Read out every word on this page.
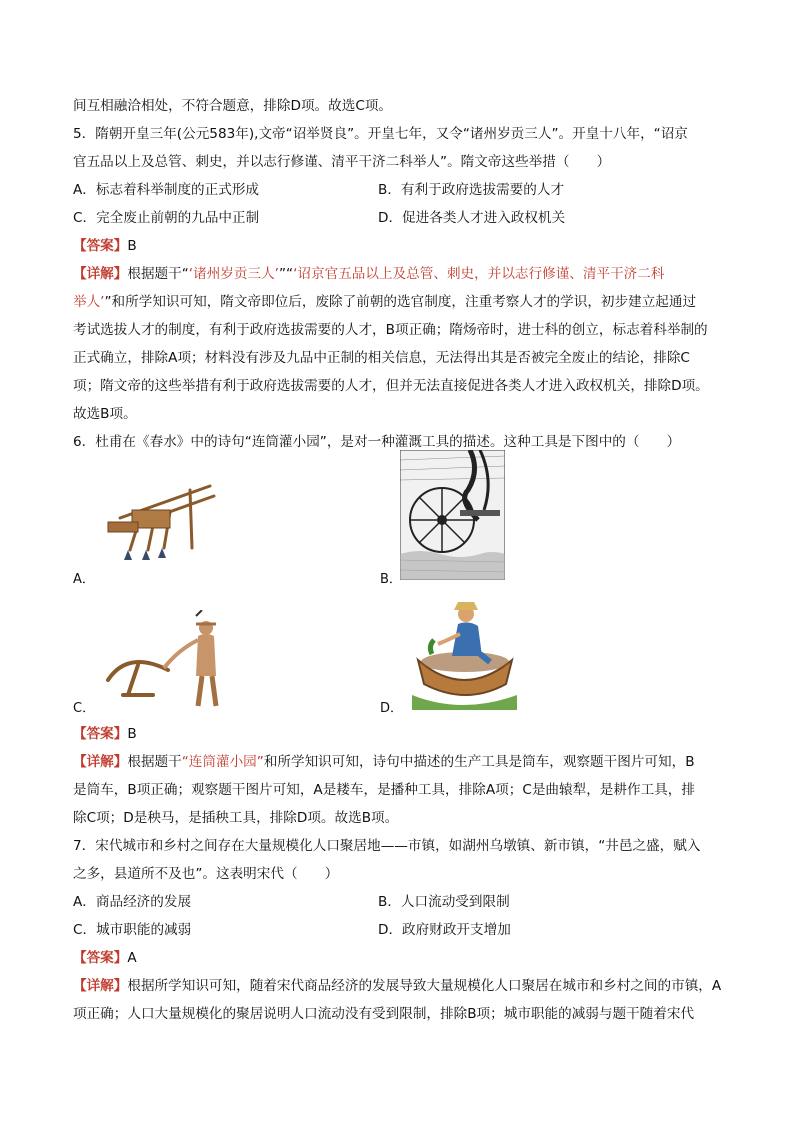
间互相融洽相处，不符合题意，排除D项。故选C项。
5．隋朝开皇三年(公元583年),文帝“诏举贤良”。开皇七年，又令“诸州岁贡三人”。开皇十八年，“诏京
官五品以上及总管、刺史，并以志行修谨、清平干济二科举人”。隋文帝这些举措（　　）
A．标志着科举制度的正式形成	B．有利于政府选拔需要的人才
C．完全废止前朝的九品中正制	D．促进各类人才进入政权机关
【答案】B
【详解】根据题干“‘诸州岁贡三人’”“‘诏京官五品以上及总管、刺史，并以志行修谨、清平干济二科
举人’”和所学知识可知，隋文帝即位后，废除了前朝的选官制度，注重考察人才的学识，初步建立起通过
考试选拔人才的制度，有利于政府选拔需要的人才，B项正确；隋炀帝时，进士科的创立，标志着科举制的
正式确立，排除A项；材料没有涉及九品中正制的相关信息，无法得出其是否被完全废止的结论，排除C
项；隋文帝的这些举措有利于政府选拔需要的人才，但并无法直接促进各类人才进入政权机关，排除D项。
故选B项。
6．杜甫在《春水》中的诗句“连筒灌小园”，是对一种灌溉工具的描述。这种工具是下图中的（　　）
A．	B．
C．	D．
【答案】B
【详解】根据题干“连筒灌小园”和所学知识可知，诗句中描述的生产工具是筒车，观察题干图片可知，B
是筒车，B项正确；观察题干图片可知，A是耧车，是播种工具，排除A项；C是曲辕犁，是耕作工具，排
除C项；D是秧马，是插秧工具，排除D项。故选B项。
7．宋代城市和乡村之间存在大量规模化人口聚居地——市镇，如湖州乌墩镇、新市镇，“井邑之盛，赋入
之多，县道所不及也”。这表明宋代（　　）
A．商品经济的发展	B．人口流动受到限制
C．城市职能的减弱	D．政府财政开支增加
【答案】A
【详解】根据所学知识可知，随着宋代商品经济的发展导致大量规模化人口聚居在城市和乡村之间的市镇，A
项正确；人口大量规模化的聚居说明人口流动没有受到限制，排除B项；城市职能的减弱与题干随着宋代
